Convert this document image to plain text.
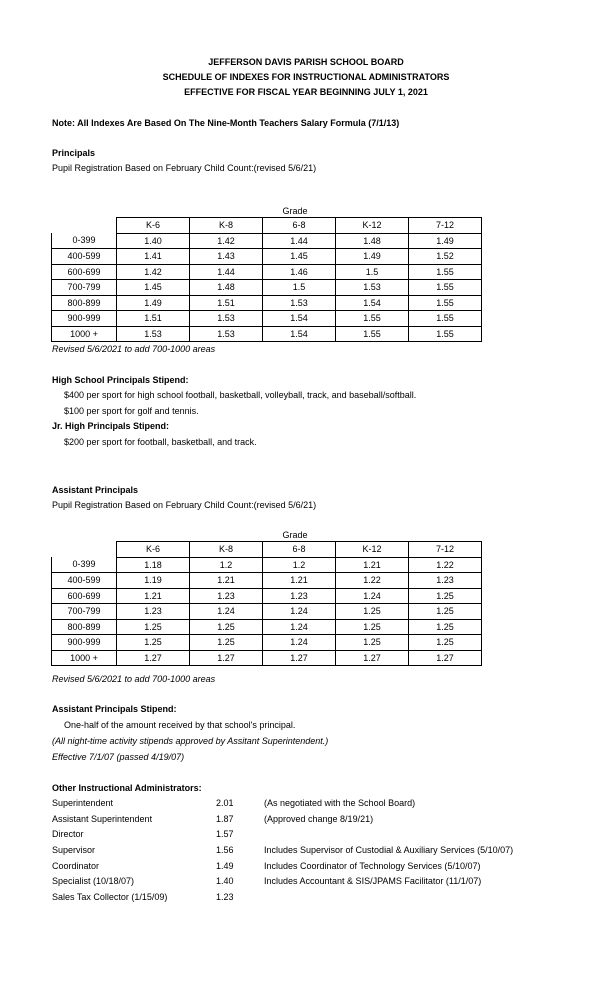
JEFFERSON DAVIS PARISH SCHOOL BOARD
SCHEDULE OF INDEXES FOR INSTRUCTIONAL ADMINISTRATORS
EFFECTIVE FOR FISCAL YEAR BEGINNING JULY 1, 2021
Note: All Indexes Are Based On The Nine-Month Teachers Salary Formula (7/1/13)
Principals
Pupil Registration Based on February Child Count:(revised 5/6/21)
Grade
	K-6	K-8	6-8	K-12	7-12
0-399	1.40	1.42	1.44	1.48	1.49
400-599	1.41	1.43	1.45	1.49	1.52
600-699	1.42	1.44	1.46	1.5	1.55
700-799	1.45	1.48	1.5	1.53	1.55
800-899	1.49	1.51	1.53	1.54	1.55
900-999	1.51	1.53	1.54	1.55	1.55
1000 +	1.53	1.53	1.54	1.55	1.55
Revised 5/6/2021 to add 700-1000 areas
High School Principals Stipend:
$400 per sport for high school football, basketball, volleyball, track, and baseball/softball.
$100 per sport for golf and tennis.
Jr. High Principals Stipend:
$200 per sport for football, basketball, and track.
Assistant Principals
Pupil Registration Based on February Child Count:(revised 5/6/21)
Grade
	K-6	K-8	6-8	K-12	7-12
0-399	1.18	1.2	1.2	1.21	1.22
400-599	1.19	1.21	1.21	1.22	1.23
600-699	1.21	1.23	1.23	1.24	1.25
700-799	1.23	1.24	1.24	1.25	1.25
800-899	1.25	1.25	1.24	1.25	1.25
900-999	1.25	1.25	1.24	1.25	1.25
1000 +	1.27	1.27	1.27	1.27	1.27
Revised 5/6/2021 to add 700-1000 areas
Assistant Principals Stipend:
One-half of the amount received by that school's principal.
(All night-time activity stipends approved by Assitant Superintendent.)
Effective 7/1/07 (passed 4/19/07)
Other Instructional Administrators:
Superintendent	2.01	(As negotiated with the School Board)
Assistant Superintendent	1.87	(Approved change 8/19/21)
Director	1.57
Supervisor	1.56	Includes Supervisor of Custodial & Auxiliary Services (5/10/07)
Coordinator	1.49	Includes Coordinator of Technology Services (5/10/07)
Specialist (10/18/07)	1.40	Includes Accountant & SIS/JPAMS Facilitator (11/1/07)
Sales Tax Collector (1/15/09)	1.23
